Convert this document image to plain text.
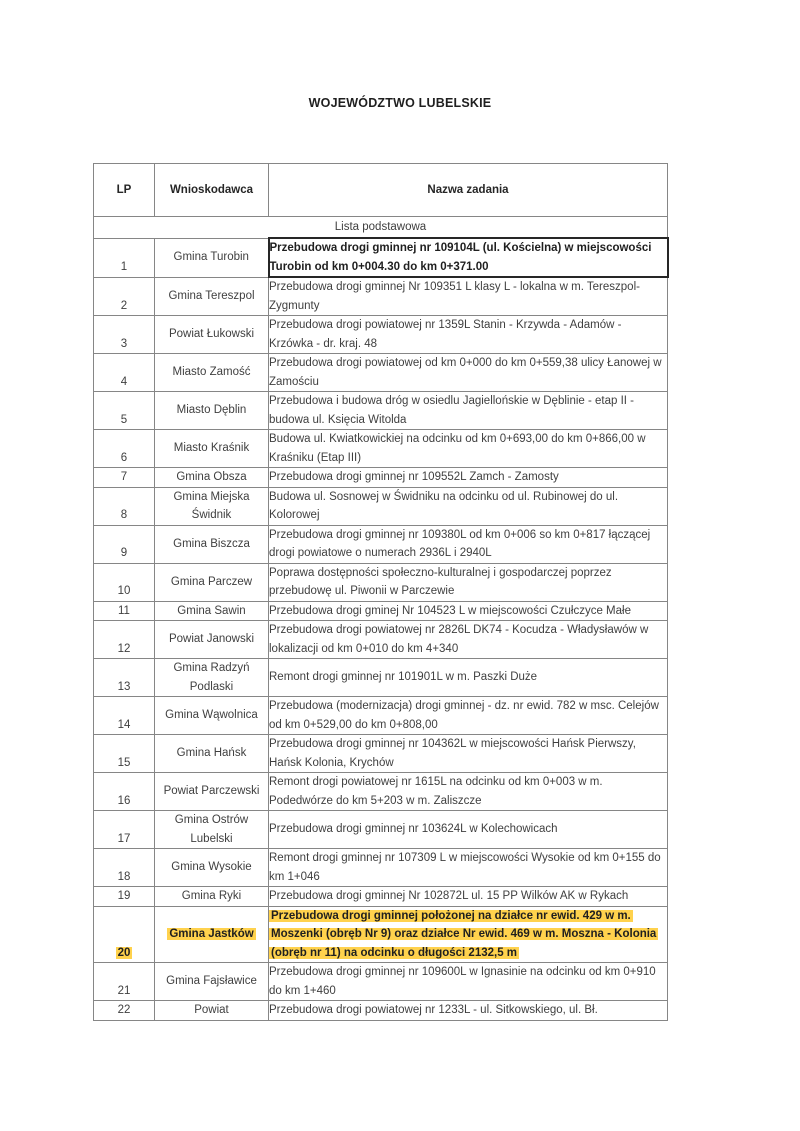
WOJEWÓDZTWO LUBELSKIE
LP	Wnioskodawca	Nazwa zadania
Lista podstawowa		
1	Gmina Turobin	Przebudowa drogi gminnej nr 109104L (ul. Kościelna) w miejscowości Turobin od km 0+004.30 do km 0+371.00
2	Gmina Tereszpol	Przebudowa drogi gminnej Nr 109351 L klasy L - lokalna w m. Tereszpol-Zygmunty
3	Powiat Łukowski	Przebudowa drogi powiatowej nr 1359L Stanin - Krzywda - Adamów - Krzówka - dr. kraj. 48
4	Miasto Zamość	Przebudowa drogi powiatowej od km 0+000 do km 0+559,38 ulicy Łanowej w Zamościu
5	Miasto Dęblin	Przebudowa i budowa dróg w osiedlu Jagiellońskie w Dęblinie - etap II - budowa ul. Księcia Witolda
6	Miasto Kraśnik	Budowa ul. Kwiatkowickiej na odcinku od km 0+693,00 do km 0+866,00 w Kraśniku (Etap III)
7	Gmina Obsza	Przebudowa drogi gminnej nr 109552L Zamch - Zamosty
8	Gmina Miejska Świdnik	Budowa ul. Sosnowej w Świdniku na odcinku od ul. Rubinowej do ul. Kolorowej
9	Gmina Biszcza	Przebudowa drogi gminnej nr 109380L od km 0+006 so km 0+817 łączącej drogi powiatowe o numerach 2936L i 2940L
10	Gmina Parczew	Poprawa dostępności społeczno-kulturalnej i gospodarczej poprzez przebudowę ul. Piwonii w Parczewie
11	Gmina Sawin	Przebudowa drogi gminej Nr 104523 L w miejscowości Czułczyce Małe
12	Powiat Janowski	Przebudowa drogi powiatowej nr 2826L DK74 - Kocudza - Władysławów w lokalizacji od km 0+010 do km 4+340
13	Gmina Radzyń Podlaski	Remont drogi gminnej nr 101901L w m. Paszki Duże
14	Gmina Wąwolnica	Przebudowa (modernizacja) drogi gminnej - dz. nr ewid. 782 w msc. Celejów od km 0+529,00 do km 0+808,00
15	Gmina Hańsk	Przebudowa drogi gminnej nr 104362L w miejscowości Hańsk Pierwszy, Hańsk Kolonia, Krychów
16	Powiat Parczewski	Remont drogi powiatowej nr 1615L na odcinku od km 0+003 w m. Podedwórze do km 5+203 w m. Zaliszcze
17	Gmina Ostrów Lubelski	Przebudowa drogi gminnej nr 103624L w Kolechowicach
18	Gmina Wysokie	Remont drogi gminnej nr 107309 L w miejscowości Wysokie od km 0+155 do km 1+046
19	Gmina Ryki	Przebudowa drogi gminnej Nr 102872L ul. 15 PP Wilków AK w Rykach
20	Gmina Jastków	Przebudowa drogi gminnej położonej na działce nr ewid. 429 w m. Moszenki (obręb Nr 9) oraz działce Nr ewid. 469 w m. Moszna - Kolonia (obręb nr 11) na odcinku o długości 2132,5 m
21	Gmina Fajsławice	Przebudowa drogi gminnej nr 109600L w Ignasinie na odcinku od km 0+910 do km 1+460
22	Powiat	Przebudowa drogi powiatowej nr 1233L - ul. Sitkowskiego, ul. Bł.
